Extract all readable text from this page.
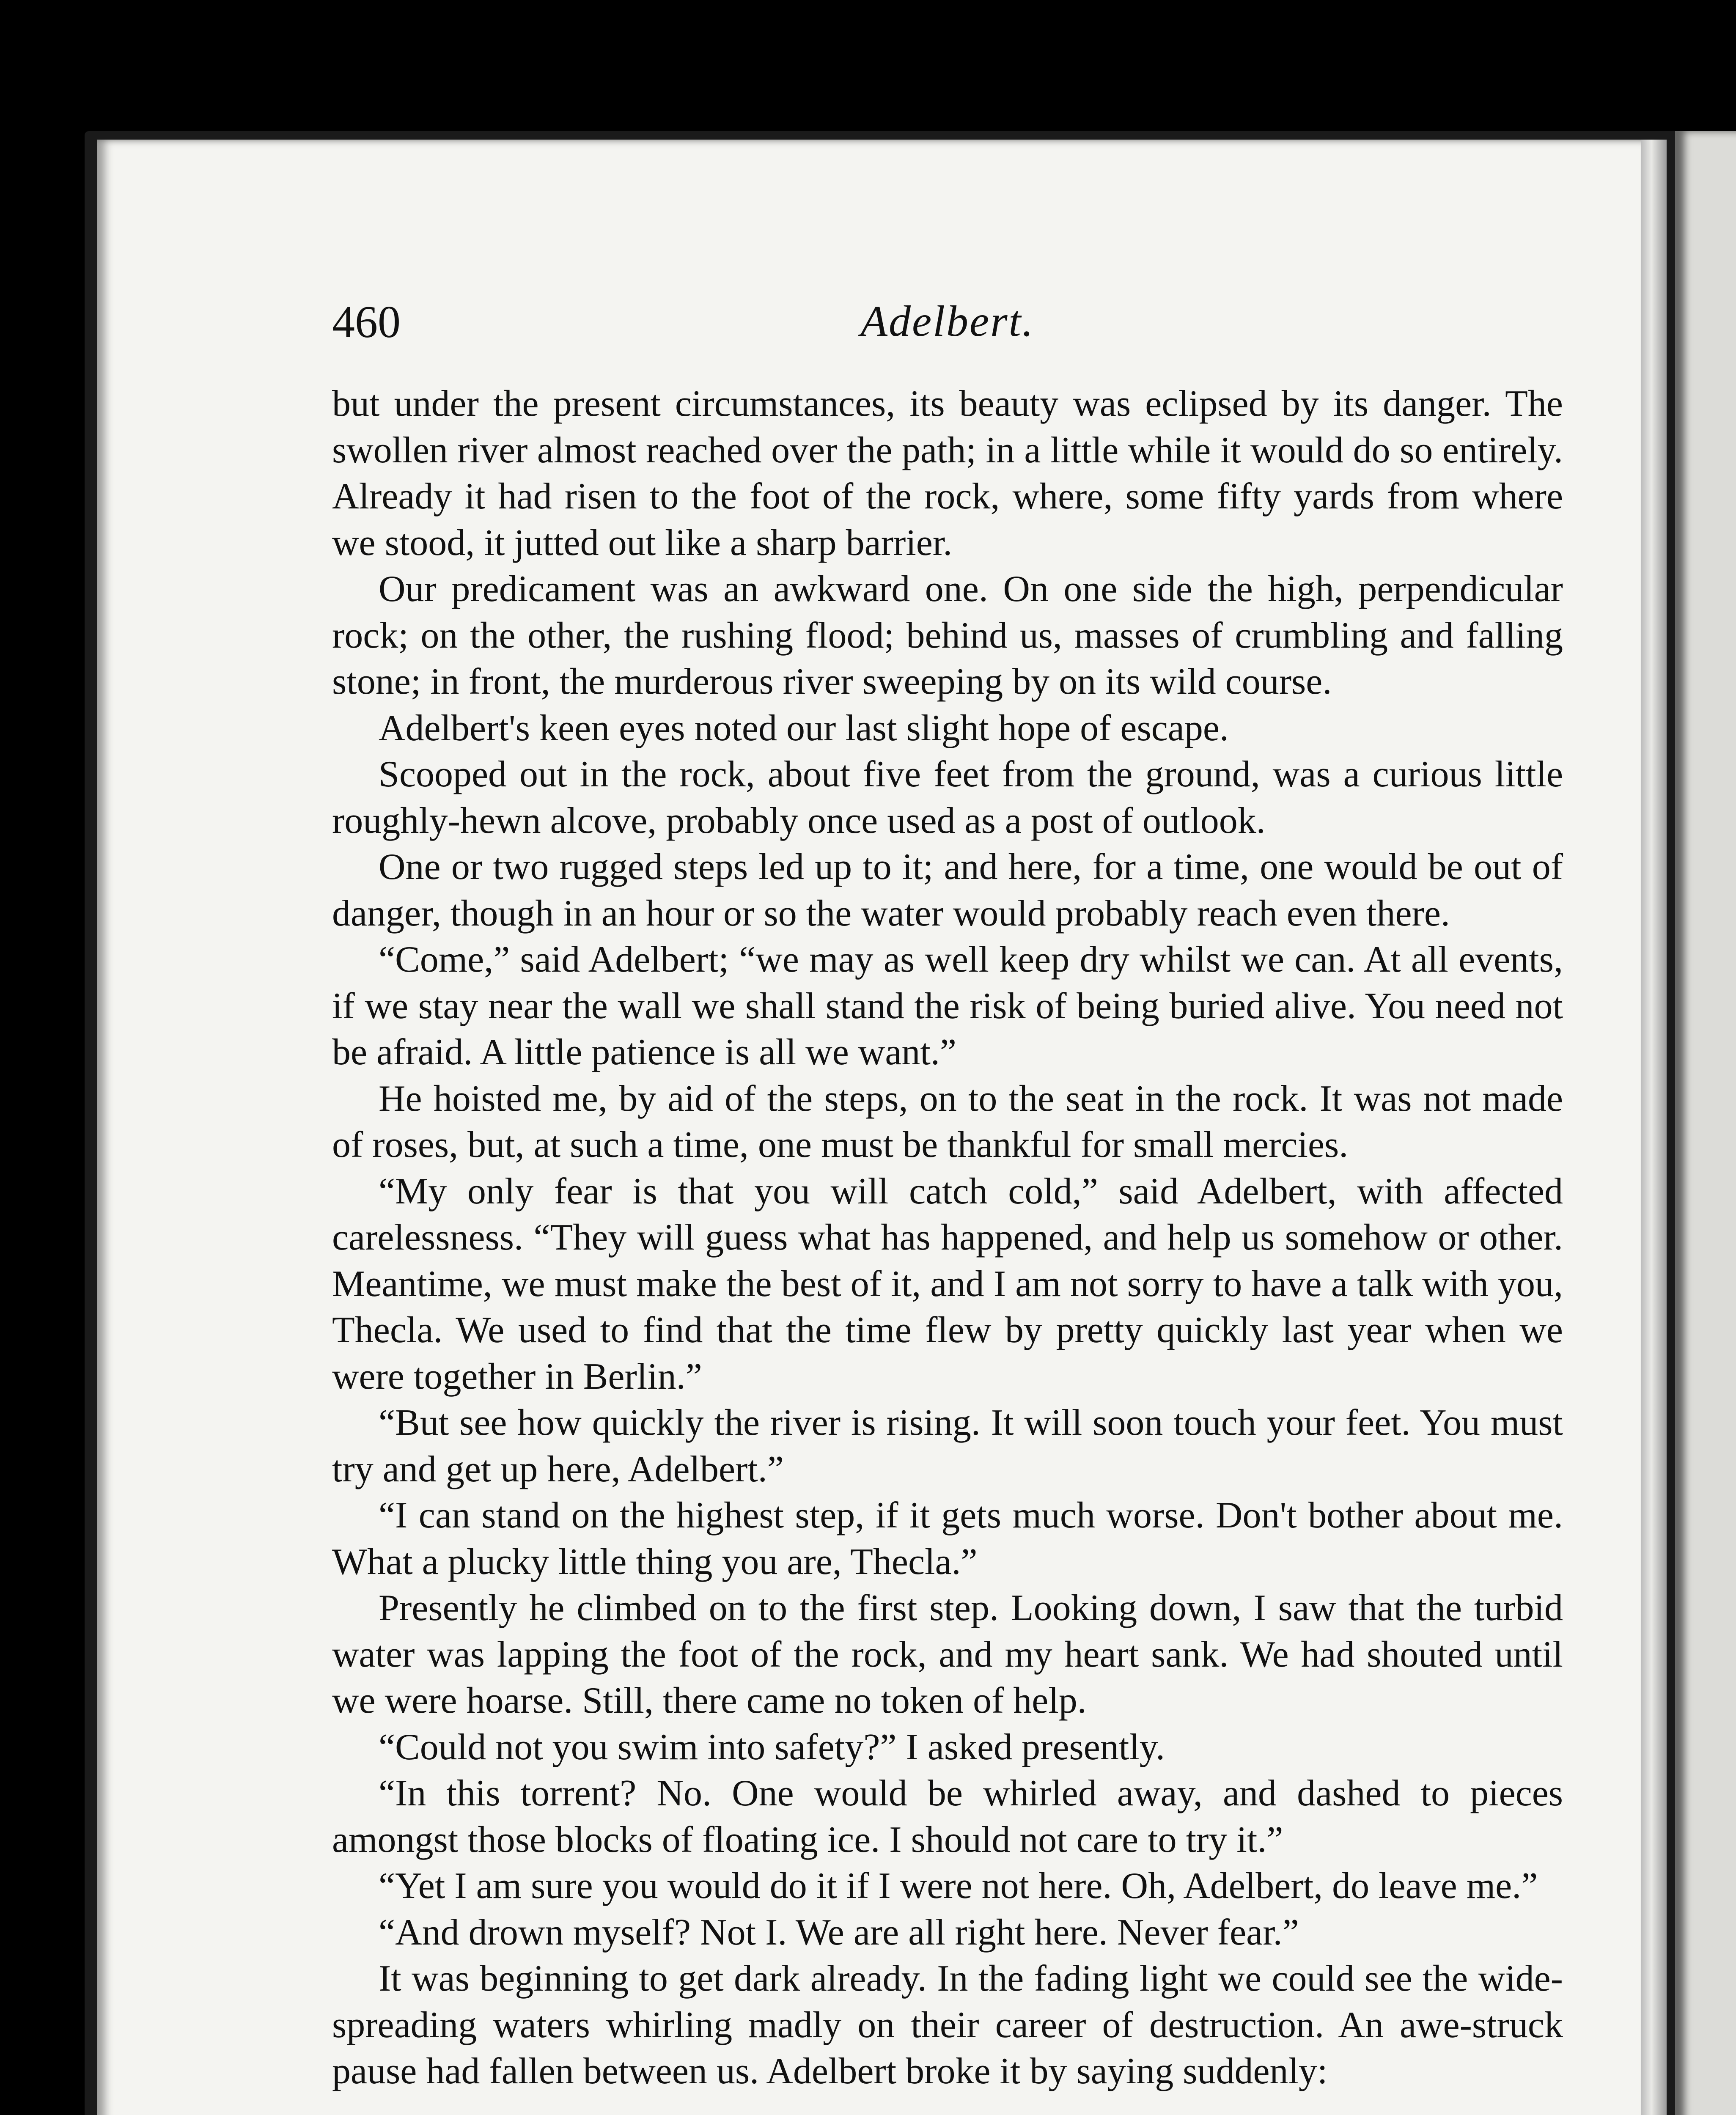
460	Adelbert.

but under the present circumstances, its beauty was eclipsed by its danger. The swollen river almost reached over the path; in a little while it would do so entirely. Already it had risen to the foot of the rock, where, some fifty yards from where we stood, it jutted out like a sharp barrier.

Our predicament was an awkward one. On one side the high, perpendicular rock; on the other, the rushing flood; behind us, masses of crumbling and falling stone; in front, the murderous river sweeping by on its wild course.

Adelbert's keen eyes noted our last slight hope of escape.

Scooped out in the rock, about five feet from the ground, was a curious little roughly-hewn alcove, probably once used as a post of outlook.

One or two rugged steps led up to it; and here, for a time, one would be out of danger, though in an hour or so the water would probably reach even there.

“Come,” said Adelbert; “we may as well keep dry whilst we can. At all events, if we stay near the wall we shall stand the risk of being buried alive. You need not be afraid. A little patience is all we want.”

He hoisted me, by aid of the steps, on to the seat in the rock. It was not made of roses, but, at such a time, one must be thankful for small mercies.

“My only fear is that you will catch cold,” said Adelbert, with affected carelessness. “They will guess what has happened, and help us somehow or other. Meantime, we must make the best of it, and I am not sorry to have a talk with you, Thecla. We used to find that the time flew by pretty quickly last year when we were together in Berlin.”

“But see how quickly the river is rising. It will soon touch your feet. You must try and get up here, Adelbert.”

“I can stand on the highest step, if it gets much worse. Don't bother about me. What a plucky little thing you are, Thecla.”

Presently he climbed on to the first step. Looking down, I saw that the turbid water was lapping the foot of the rock, and my heart sank. We had shouted until we were hoarse. Still, there came no token of help.

“Could not you swim into safety?” I asked presently.

“In this torrent? No. One would be whirled away, and dashed to pieces amongst those blocks of floating ice. I should not care to try it.”

“Yet I am sure you would do it if I were not here. Oh, Adelbert, do leave me.”

“And drown myself? Not I. We are all right here. Never fear.”

It was beginning to get dark already. In the fading light we could see the wide-spreading waters whirling madly on their career of destruction. An awe-struck pause had fallen between us. Adelbert broke it by saying suddenly:
